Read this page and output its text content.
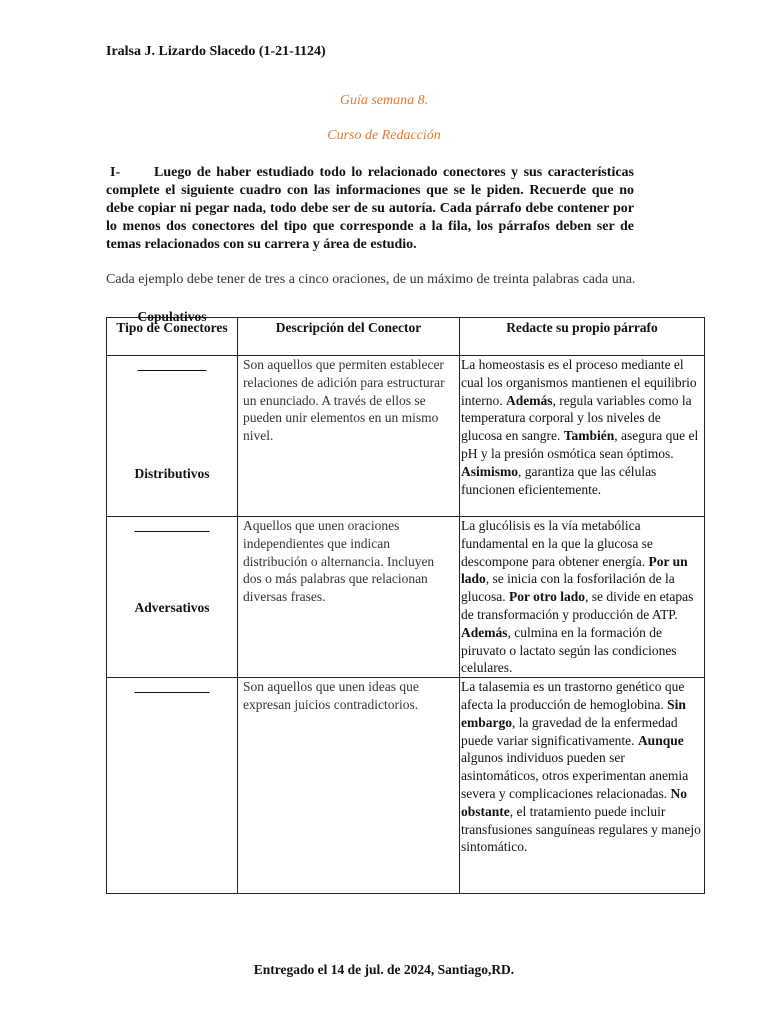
Iralsa J. Lizardo Slacedo (1-21-1124)
Guía semana 8.
Curso de Redacción
I- Luego de haber estudiado todo lo relacionado conectores y sus características complete el siguiente cuadro con las informaciones que se le piden. Recuerde que no debe copiar ni pegar nada, todo debe ser de su autoría. Cada párrafo debe contener por lo menos dos conectores del tipo que corresponde a la fila, los párrafos deben ser de temas relacionados con su carrera y área de estudio.
Cada ejemplo debe tener de tres a cinco oraciones, de un máximo de treinta palabras cada una.
Tipo de Conectores	Descripción del Conector	Redacte su propio párrafo
Copulativos	Son aquellos que permiten establecer relaciones de adición para estructurar un enunciado. A través de ellos se pueden unir elementos en un mismo nivel.	La homeostasis es el proceso mediante el cual los organismos mantienen el equilibrio interno. Además, regula variables como la temperatura corporal y los niveles de glucosa en sangre. También, asegura que el pH y la presión osmótica sean óptimos. Asimismo, garantiza que las células funcionen eficientemente.
Distributivos	Aquellos que unen oraciones independientes que indican distribución o alternancia. Incluyen dos o más palabras que relacionan diversas frases.	La glucólisis es la vía metabólica fundamental en la que la glucosa se descompone para obtener energía. Por un lado, se inicia con la fosforilación de la glucosa. Por otro lado, se divide en etapas de transformación y producción de ATP. Además, culmina en la formación de piruvato o lactato según las condiciones celulares.
Adversativos	Son aquellos que unen ideas que expresan juicios contradictorios.	La talasemia es un trastorno genético que afecta la producción de hemoglobina. Sin embargo, la gravedad de la enfermedad puede variar significativamente. Aunque algunos individuos pueden ser asintomáticos, otros experimentan anemia severa y complicaciones relacionadas. No obstante, el tratamiento puede incluir transfusiones sanguíneas regulares y manejo sintomático.
Entregado el 14 de jul. de 2024, Santiago,RD.
